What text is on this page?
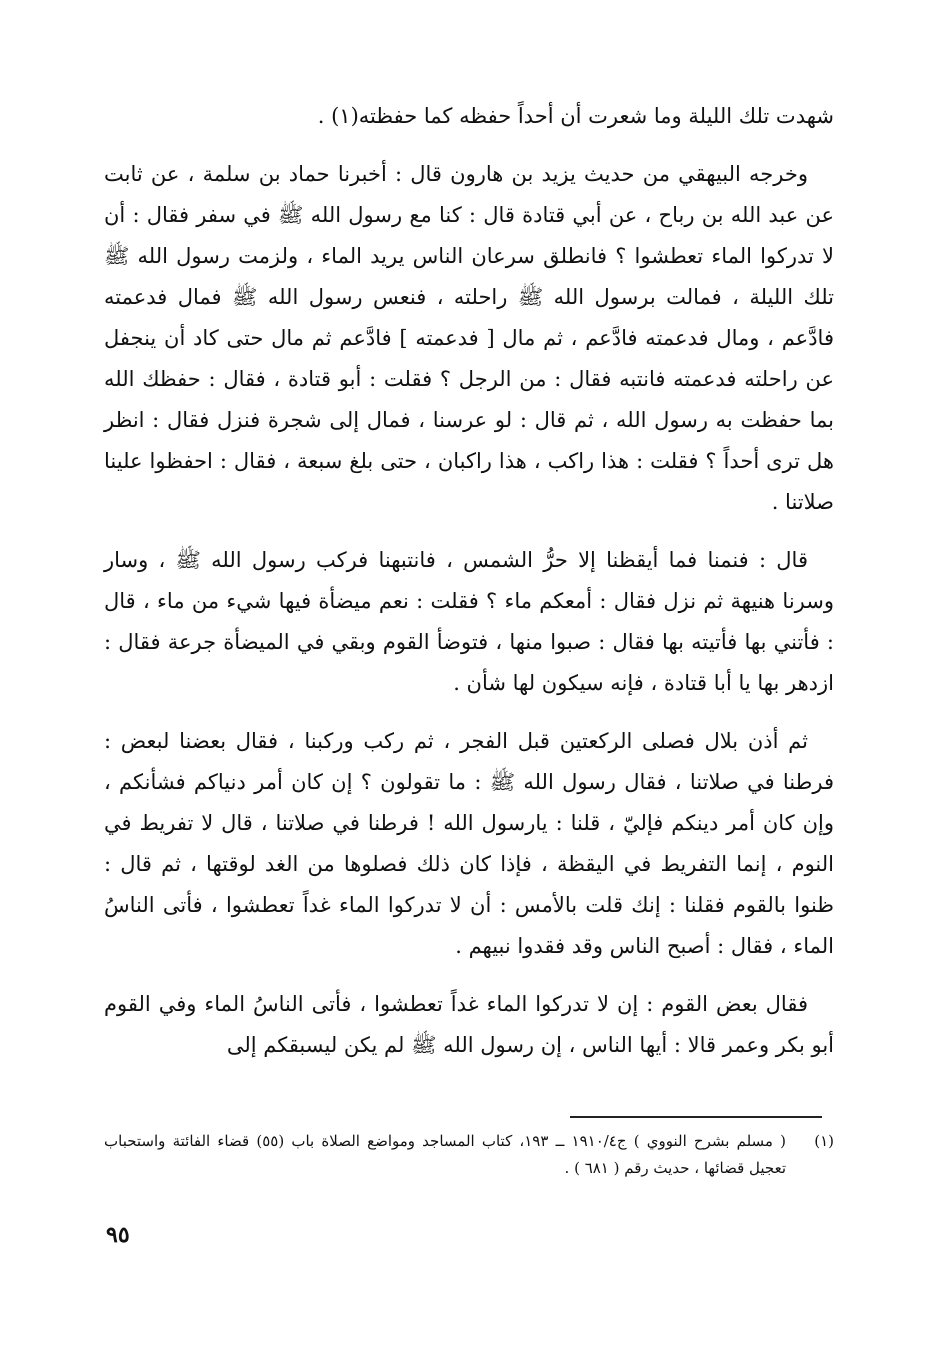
شهدت تلك الليلة وما شعرت أن أحداً حفظه كما حفظته(١) .

وخرجه البيهقي من حديث يزيد بن هارون قال : أخبرنا حماد بن سلمة ، عن ثابت عن عبد الله بن رباح ، عن أبي قتادة قال : كنا مع رسول الله ﷺ في سفر فقال : أن لا تدركوا الماء تعطشوا ؟ فانطلق سرعان الناس يريد الماء ، ولزمت رسول الله ﷺ تلك الليلة ، فمالت برسول الله ﷺ راحلته ، فنعس رسول الله ﷺ فمال فدعمته فادَّعم ، ومال فدعمته فادَّعم ، ثم مال [ فدعمته ] فادَّعم ثم مال حتى كاد أن ينجفل عن راحلته فدعمته فانتبه فقال : من الرجل ؟ فقلت : أبو قتادة ، فقال : حفظك الله بما حفظت به رسول الله ، ثم قال : لو عرسنا ، فمال إلى شجرة فنزل فقال : انظر هل ترى أحداً ؟ فقلت : هذا راكب ، هذا راكبان ، حتى بلغ سبعة ، فقال : احفظوا علينا صلاتنا .

قال : فنمنا فما أيقظنا إلا حرُّ الشمس ، فانتبهنا فركب رسول الله ﷺ ، وسار وسرنا هنيهة ثم نزل فقال : أمعكم ماء ؟ فقلت : نعم ميضأة فيها شيء من ماء ، قال : فأتني بها فأتيته بها فقال : صبوا منها ، فتوضأ القوم وبقي في الميضأة جرعة فقال : ازدهر بها يا أبا قتادة ، فإنه سيكون لها شأن .

ثم أذن بلال فصلى الركعتين قبل الفجر ، ثم ركب وركبنا ، فقال بعضنا لبعض : فرطنا في صلاتنا ، فقال رسول الله ﷺ : ما تقولون ؟ إن كان أمر دنياكم فشأنكم ، وإن كان أمر دينكم فإليّ ، قلنا : يارسول الله ! فرطنا في صلاتنا ، قال لا تفريط في النوم ، إنما التفريط في اليقظة ، فإذا كان ذلك فصلوها من الغد لوقتها ، ثم قال : ظنوا بالقوم فقلنا : إنك قلت بالأمس : أن لا تدركوا الماء غداً تعطشوا ، فأتى الناسُ الماء ، فقال : أصبح الناس وقد فقدوا نبيهم .

فقال بعض القوم : إن لا تدركوا الماء غداً تعطشوا ، فأتى الناسُ الماء وفي القوم أبو بكر وعمر قالا : أيها الناس ، إن رسول الله ﷺ لم يكن ليسبقكم إلى

(١)
( مسلم بشرح النووي ) ج١٩١٠/٤ ــ ١٩٣، كتاب المساجد ومواضع الصلاة باب (٥٥) قضاء الفائتة واستحباب تعجيل قضائها ، حديث رقم ( ٦٨١ ) .
٩٥
